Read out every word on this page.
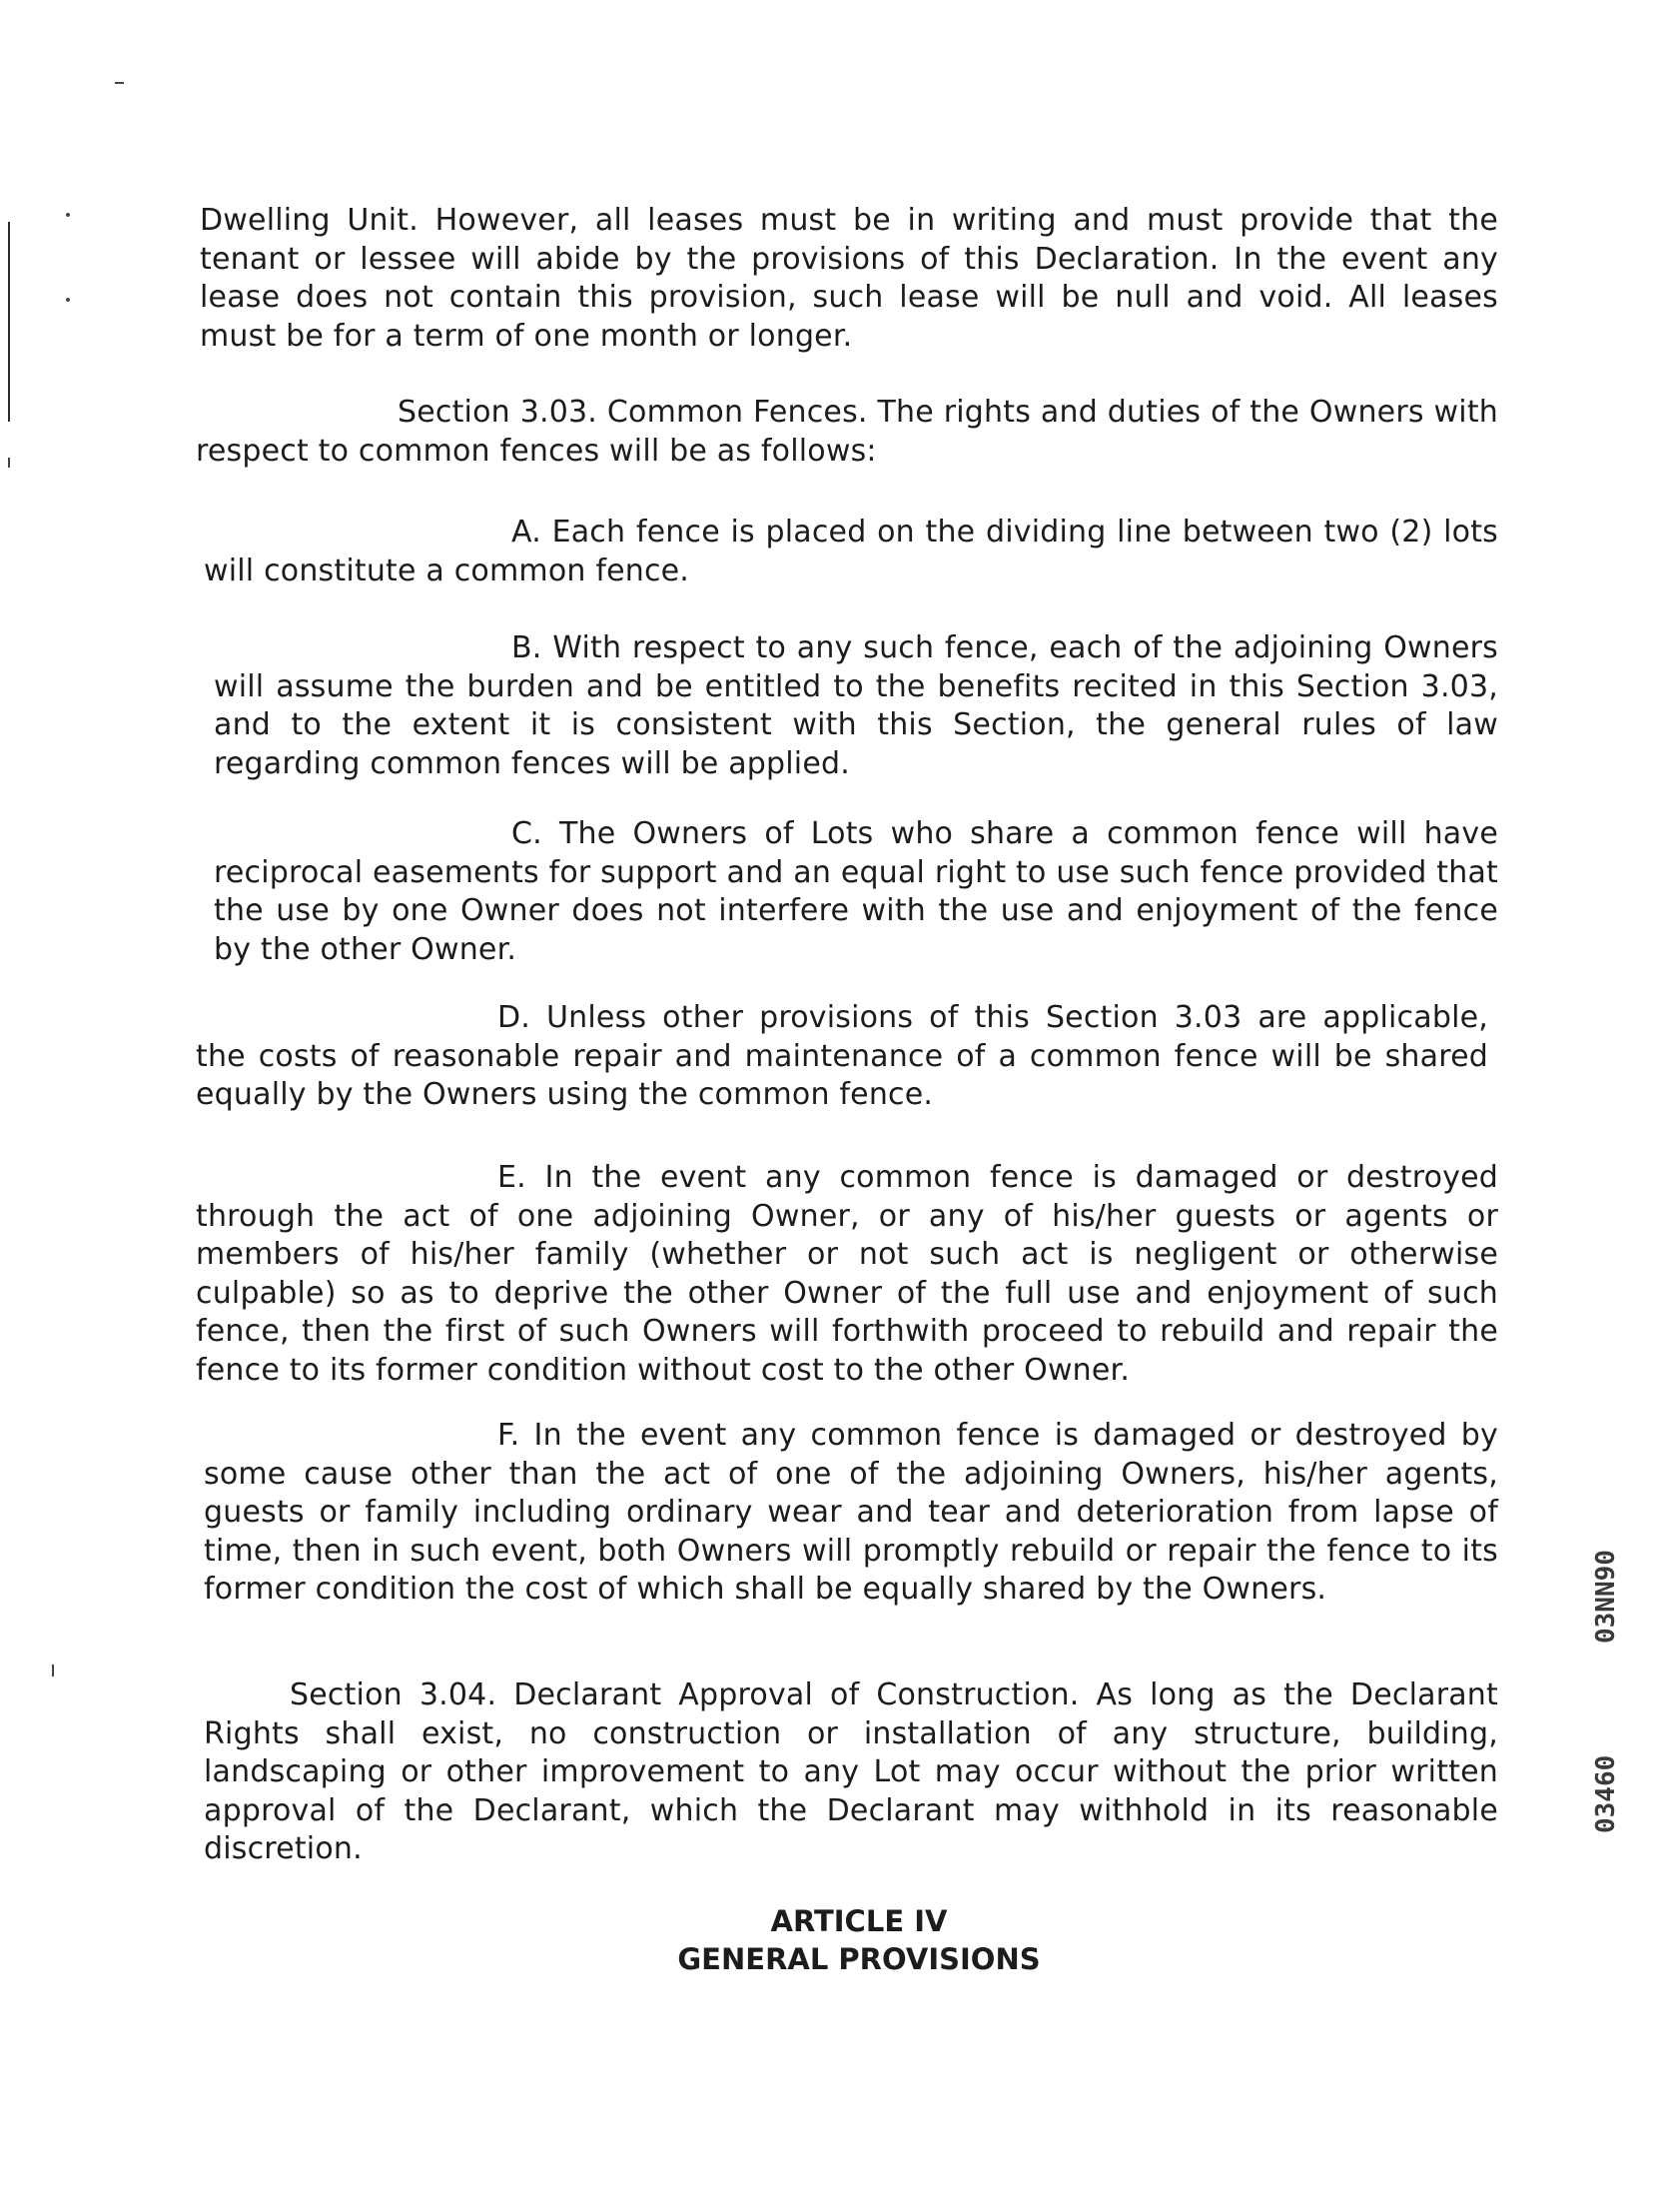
Dwelling Unit. However, all leases must be in writing and must provide that the tenant or lessee will abide by the provisions of this Declaration. In the event any lease does not contain this provision, such lease will be null and void. All leases must be for a term of one month or longer.
Section 3.03. Common Fences. The rights and duties of the Owners with respect to common fences will be as follows:
A. Each fence is placed on the dividing line between two (2) lots will constitute a common fence.
B. With respect to any such fence, each of the adjoining Owners will assume the burden and be entitled to the benefits recited in this Section 3.03, and to the extent it is consistent with this Section, the general rules of law regarding common fences will be applied.
C. The Owners of Lots who share a common fence will have reciprocal easements for support and an equal right to use such fence provided that the use by one Owner does not interfere with the use and enjoyment of the fence by the other Owner.
D. Unless other provisions of this Section 3.03 are applicable, the costs of reasonable repair and maintenance of a common fence will be shared equally by the Owners using the common fence.
E. In the event any common fence is damaged or destroyed through the act of one adjoining Owner, or any of his/her guests or agents or members of his/her family (whether or not such act is negligent or otherwise culpable) so as to deprive the other Owner of the full use and enjoyment of such fence, then the first of such Owners will forthwith proceed to rebuild and repair the fence to its former condition without cost to the other Owner.
F. In the event any common fence is damaged or destroyed by some cause other than the act of one of the adjoining Owners, his/her agents, guests or family including ordinary wear and tear and deterioration from lapse of time, then in such event, both Owners will promptly rebuild or repair the fence to its former condition the cost of which shall be equally shared by the Owners.
Section 3.04. Declarant Approval of Construction. As long as the Declarant Rights shall exist, no construction or installation of any structure, building, landscaping or other improvement to any Lot may occur without the prior written approval of the Declarant, which the Declarant may withhold in its reasonable discretion.
ARTICLE IV
GENERAL PROVISIONS
03NN90
03460
